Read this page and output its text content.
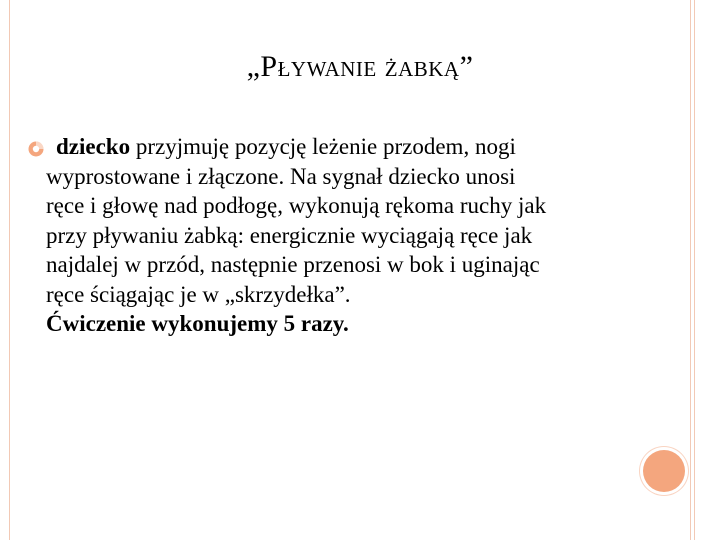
„Pływanie żabką”
dziecko przyjmuję pozycję leżenie przodem, nogi
wyprostowane i złączone. Na sygnał dziecko unosi
ręce i głowę nad podłogę, wykonują rękoma ruchy jak
przy pływaniu żabką: energicznie wyciągają ręce jak
najdalej w przód, następnie przenosi w bok i uginając
ręce ściągając je w „skrzydełka”.
Ćwiczenie wykonujemy 5 razy.
